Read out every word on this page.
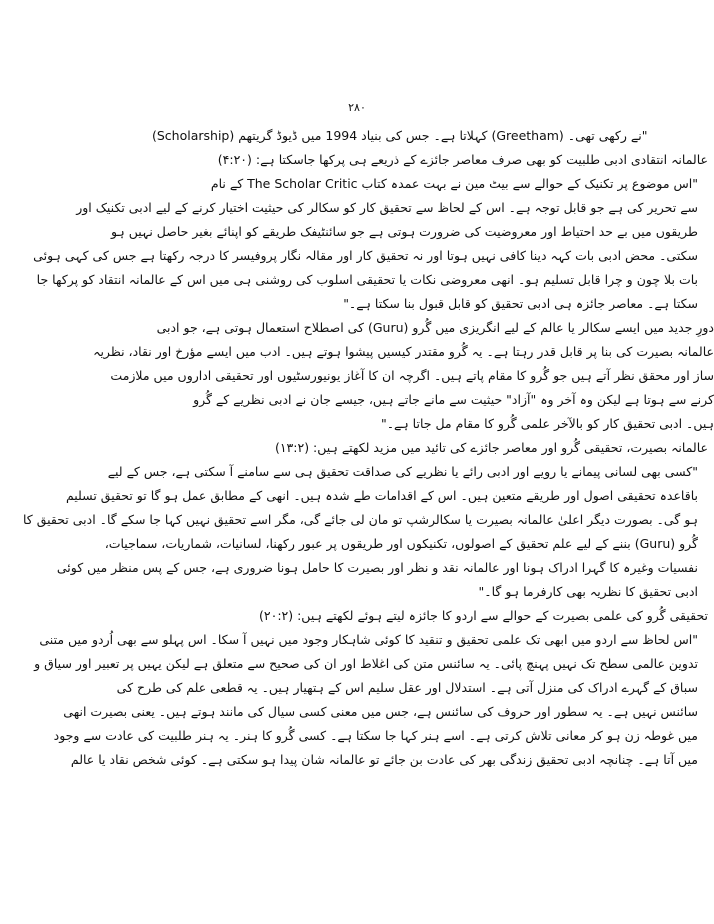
۲۸۰
(Scholarship) کہلاتا ہے۔ جس کی بنیاد 1994 میں ڈیوڈ گریتھم (Greetham) نے رکھی تھی۔"
عالمانہ انتقادی ادبی طلبیت کو بھی صرف معاصر جائزے کے ذریعے ہی پرکھا جاسکتا ہے: (۴:۲۰)
"اس موضوع پر تکنیک کے حوالے سے بیٹ مین نے بہت عمدہ کتاب The Scholar Critic کے نام
سے تحریر کی ہے جو قابل توجہ ہے۔ اس کے لحاظ سے تحقیق کار کو سکالر کی حیثیت اختیار کرنے کے لیے ادبی تکنیک اور
طریقوں میں بے حد احتیاط اور معروضیت کی ضرورت ہوتی ہے جو سائنٹیفک طریقے کو اپنائے بغیر حاصل نہیں ہو
سکتی۔ محض ادبی بات کہہ دینا کافی نہیں ہوتا اور نہ تحقیق کار اور مقالہ نگار پروفیسر کا درجہ رکھتا ہے جس کی کہی ہوئی
بات بلا چون و چرا قابل تسلیم ہو۔ انھی معروضی نکات یا تحقیقی اسلوب کی روشنی ہی میں اس کے عالمانہ انتقاد کو پرکھا جا
سکتا ہے۔ معاصر جائزہ ہی ادبی تحقیق کو قابل قبول بنا سکتا ہے۔"
دورِ جدید میں ایسے سکالر یا عالم کے لیے انگریزی میں گُرو (Guru) کی اصطلاح استعمال ہوتی ہے، جو ادبی
عالمانہ بصیرت کی بنا پر قابل قدر رہتا ہے۔ یہ گُرو مقتدر کیسیں پیشوا ہوتے ہیں۔ ادب میں ایسے مؤرخ اور نقاد، نظریہ
ساز اور محقق نظر آتے ہیں جو گُرو کا مقام پاتے ہیں۔ اگرچہ ان کا آغاز یونیورسٹیوں اور تحقیقی اداروں میں ملازمت
کرنے سے ہوتا ہے لیکن وہ آخر وہ "آزاد" حیثیت سے مانے جاتے ہیں، جیسے جان نے ادبی نظریے کے گُرو
ہیں۔ ادبی تحقیق کار کو بالآخر علمی گُرو کا مقام مل جاتا ہے۔"
عالمانہ بصیرت، تحقیقی گُرو اور معاصر جائزے کی تائید میں مزید لکھتے ہیں: (۱۳:۲)
"کسی بھی لسانی پیمانے یا رویے اور ادبی رائے یا نظریے کی صداقت تحقیق ہی سے سامنے آ سکتی ہے، جس کے لیے
باقاعدہ تحقیقی اصول اور طریقے متعین ہیں۔ اس کے اقدامات طے شدہ ہیں۔ انھی کے مطابق عمل ہو گا تو تحقیق تسلیم
ہو گی۔ بصورت دیگر اعلیٰ عالمانہ بصیرت یا سکالرشپ تو مان لی جائے گی، مگر اسے تحقیق نہیں کہا جا سکے گا۔ ادبی تحقیق کا
گُرو (Guru) بننے کے لیے علم تحقیق کے اصولوں، تکنیکوں اور طریقوں پر عبور رکھنا، لسانیات، شماریات، سماجیات،
نفسیات وغیرہ کا گہرا ادراک ہونا اور عالمانہ نقد و نظر اور بصیرت کا حامل ہونا ضروری ہے، جس کے پس منظر میں کوئی
ادبی تحقیق کا نظریہ بھی کارفرما ہو گا۔"
تحقیقی گُرو کی علمی بصیرت کے حوالے سے اردو کا جائزہ لیتے ہوئے لکھتے ہیں: (۲۰:۲)
"اس لحاظ سے اردو میں ابھی تک علمی تحقیق و تنقید کا کوئی شاہکار وجود میں نہیں آ سکا۔ اس پہلو سے بھی اُردو میں متنی
تدوین عالمی سطح تک نہیں پہنچ پائی۔ یہ سائنس متن کی اغلاط اور ان کی صحیح سے متعلق ہے لیکن یہیں پر تعبیر اور سیاق و
سباق کے گہرے ادراک کی منزل آتی ہے۔ استدلال اور عقل سلیم اس کے ہتھیار ہیں۔ یہ قطعی علم کی طرح کی
سائنس نہیں ہے۔ یہ سطور اور حروف کی سائنس ہے، جس میں معنی کسی سیال کی مانند ہوتے ہیں۔ یعنی بصیرت انھی
میں غوطہ زن ہو کر معانی تلاش کرتی ہے۔ اسے ہنر کہا جا سکتا ہے۔ کسی گُرو کا ہنر۔ یہ ہنر طلبیت کی عادت سے وجود
میں آتا ہے۔ چنانچہ ادبی تحقیق زندگی بھر کی عادت بن جائے تو عالمانہ شان پیدا ہو سکتی ہے۔ کوئی شخص نقاد یا عالم
